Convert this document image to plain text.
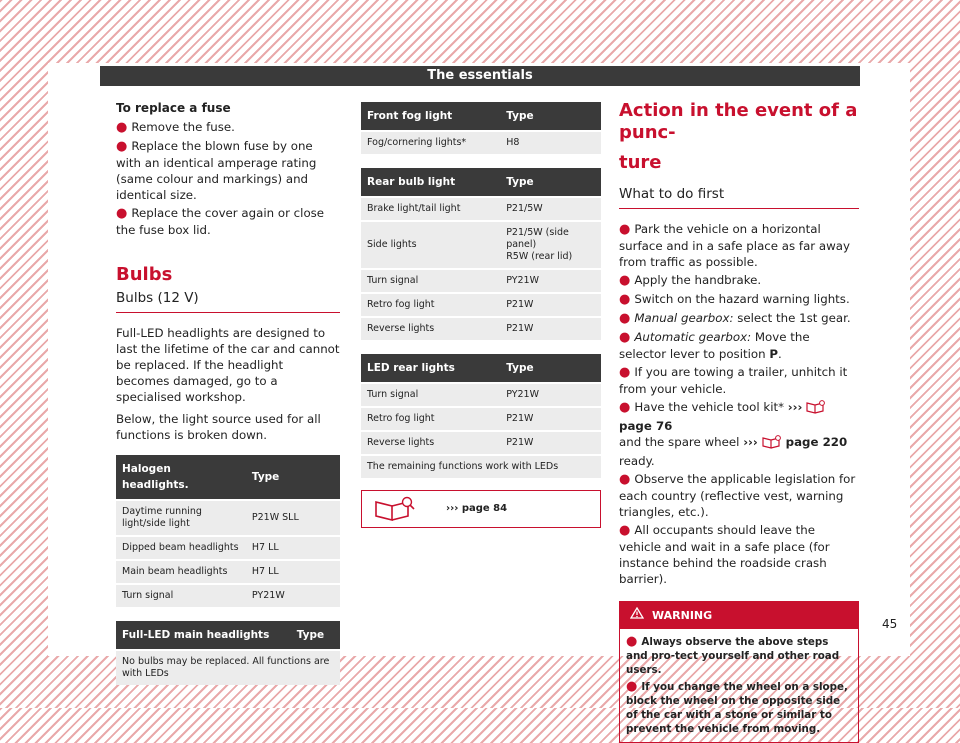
The essentials

To replace a fuse

● Remove the fuse.

● Replace the blown fuse by one with an identical amperage rating (same colour and markings) and identical size.

● Replace the cover again or close the fuse box lid.

Bulbs
Bulbs (12 V)

Full-LED headlights are designed to last the lifetime of the car and cannot be replaced. If the headlight becomes damaged, go to a specialised workshop.

Below, the light source used for all functions is broken down.

Halogen headlights.	Type
Daytime running light/side light	P21W SLL
Dipped beam headlights	H7 LL
Main beam headlights	H7 LL
Turn signal	PY21W
Full-LED main headlights	Type
No bulbs may be replaced. All functions are with LEDs
Front fog light	Type
Fog/cornering lights*	H8
Rear bulb light	Type
Brake light/tail light	P21/5W
Side lights	P21/5W (side panel)
R5W (rear lid)
Turn signal	PY21W
Retro fog light	P21W
Reverse lights	P21W
LED rear lights	Type
Turn signal	PY21W
Retro fog light	P21W
Reverse lights	P21W
The remaining functions work with LEDs	
››› page 84
Action in the event of a punc-
ture
What to do first

● Park the vehicle on a horizontal surface and in a safe place as far away from traffic as possible.

● Apply the handbrake.

● Switch on the hazard warning lights.

● Manual gearbox: select the 1st gear.

● Automatic gearbox: Move the selector lever to position P.

● If you are towing a trailer, unhitch it from your vehicle.

● Have the vehicle tool kit* ›››  page 76
and the spare wheel ›››  page 220 ready.

● Observe the applicable legislation for each country (reflective vest, warning triangles, etc.).

● All occupants should leave the vehicle and wait in a safe place (for instance behind the roadside crash barrier).

WARNING

● Always observe the above steps and pro-tect yourself and other road users.

● If you change the wheel on a slope, block the wheel on the opposite side of the car with a stone or similar to prevent the vehicle from moving.

45
